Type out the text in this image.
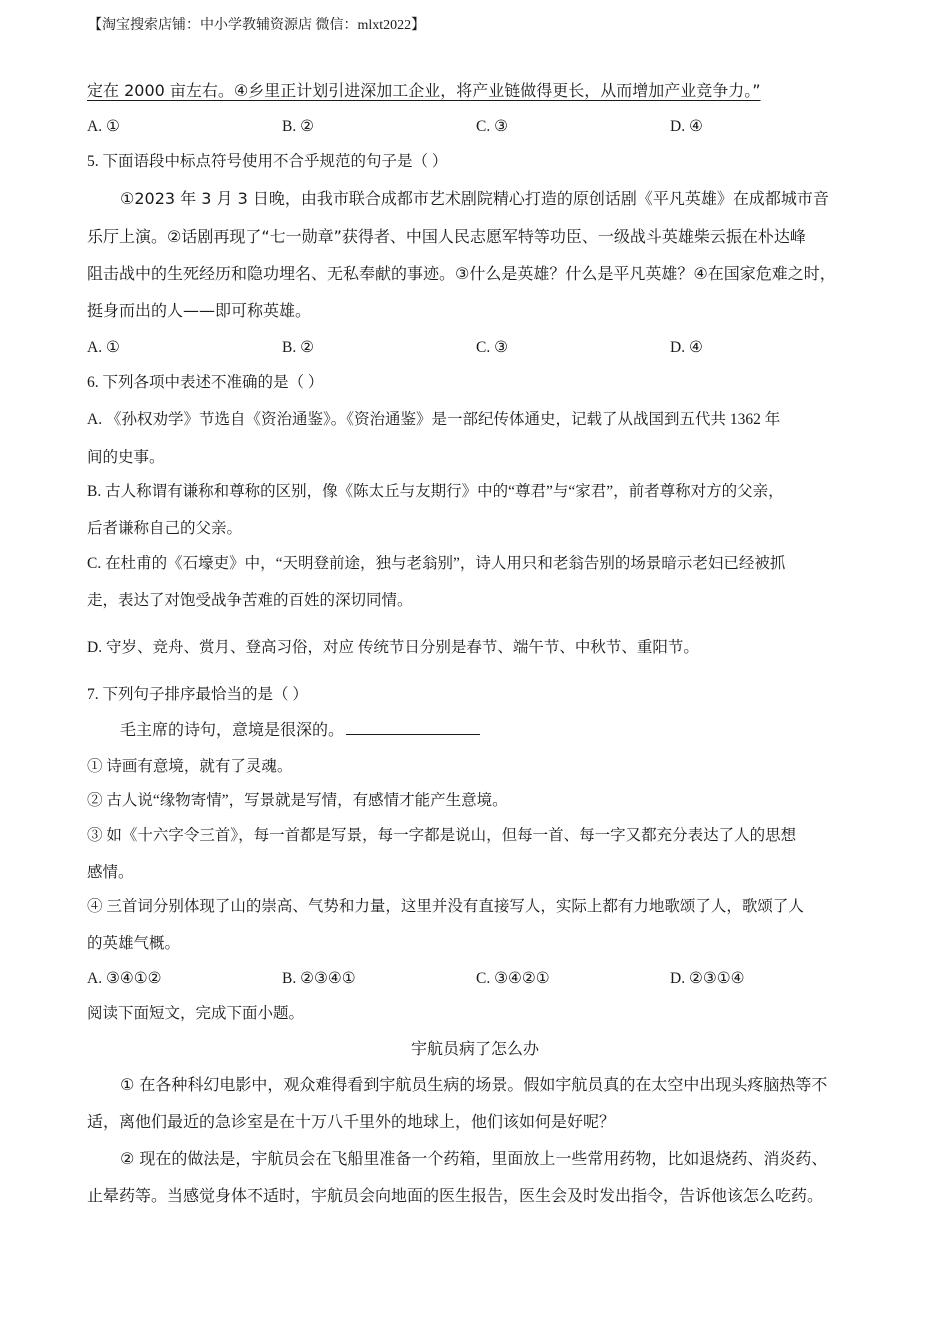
【淘宝搜索店铺：中小学教辅资源店 微信：mlxt2022】
定在 2000 亩左右。④乡里正计划引进深加工企业，将产业链做得更长，从而增加产业竞争力。”
A. ①	B. ②	C. ③	D. ④
5. 下面语段中标点符号使用不合乎规范的句子是（ ）
①2023 年 3 月 3 日晚，由我市联合成都市艺术剧院精心打造的原创话剧《平凡英雄》在成都城市音
乐厅上演。②话剧再现了“七一勋章”获得者、中国人民志愿军特等功臣、一级战斗英雄柴云振在朴达峰
阻击战中的生死经历和隐功埋名、无私奉献的事迹。③什么是英雄？什么是平凡英雄？④在国家危难之时，
挺身而出的人——即可称英雄。
A. ①	B. ②	C. ③	D. ④
6. 下列各项中表述不准确的是（ ）
A. 《孙权劝学》节选自《资治通鉴》。《资治通鉴》是一部纪传体通史，记载了从战国到五代共 1362 年
间的史事。
B. 古人称谓有谦称和尊称的区别，像《陈太丘与友期行》中的“尊君”与“家君”，前者尊称对方的父亲，
后者谦称自己的父亲。
C. 在杜甫的《石壕吏》中，“天明登前途，独与老翁别”，诗人用只和老翁告别的场景暗示老妇已经被抓
走，表达了对饱受战争苦难的百姓的深切同情。
D. 守岁、竞舟、赏月、登高习俗，对应 传统节日分别是春节、端午节、中秋节、重阳节。
7. 下列句子排序最恰当的是（ ）
毛主席的诗句，意境是很深的。
① 诗画有意境，就有了灵魂。
② 古人说“缘物寄情”，写景就是写情，有感情才能产生意境。
③ 如《十六字令三首》，每一首都是写景，每一字都是说山，但每一首、每一字又都充分表达了人的思想
感情。
④ 三首词分别体现了山的崇高、气势和力量，这里并没有直接写人，实际上都有力地歌颂了人，歌颂了人
的英雄气概。
A. ③④①②	B. ②③④①	C. ③④②①	D. ②③①④
阅读下面短文，完成下面小题。
宇航员病了怎么办
① 在各种科幻电影中，观众难得看到宇航员生病的场景。假如宇航员真的在太空中出现头疼脑热等不
适，离他们最近的急诊室是在十万八千里外的地球上，他们该如何是好呢？
② 现在的做法是，宇航员会在飞船里准备一个药箱，里面放上一些常用药物，比如退烧药、消炎药、
止晕药等。当感觉身体不适时，宇航员会向地面的医生报告，医生会及时发出指令，告诉他该怎么吃药。
